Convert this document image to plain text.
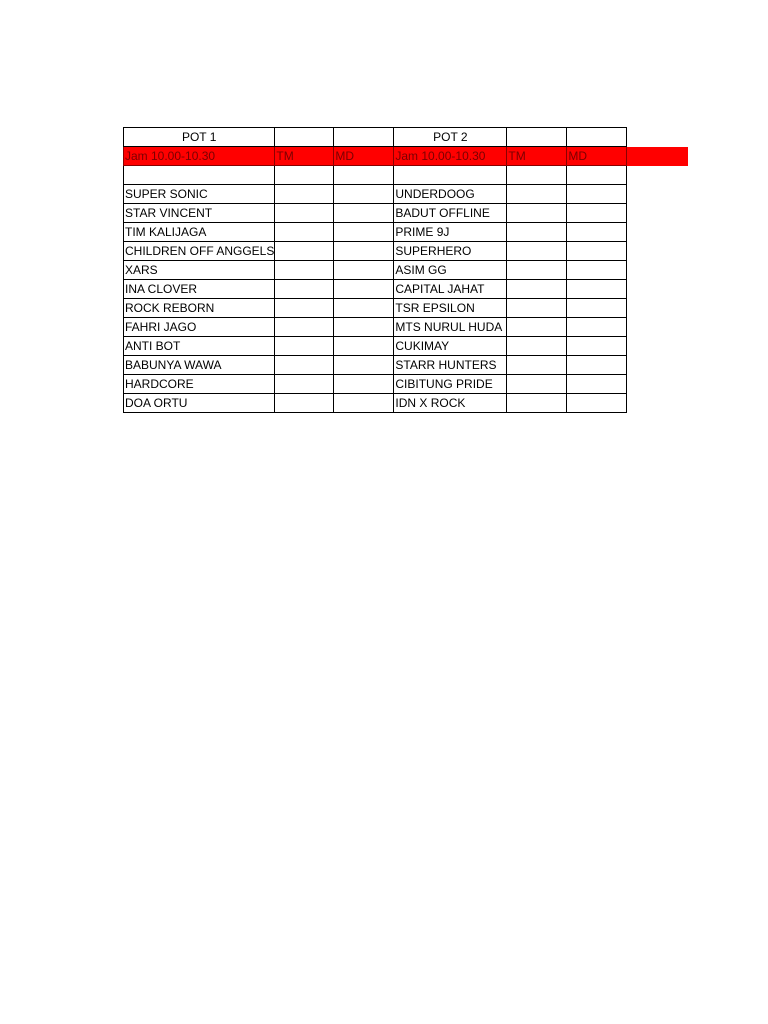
POT 1			POT 2		
Jam 10.00-10.30	TM	MD	Jam 10.00-10.30	TM	MD

SUPER SONIC			UNDERDOOG		
STAR VINCENT			BADUT OFFLINE		
TIM KALIJAGA			PRIME 9J		
CHILDREN OFF ANGGELS			SUPERHERO		
XARS			ASIM GG		
INA CLOVER			CAPITAL JAHAT		
ROCK REBORN			TSR EPSILON		
FAHRI JAGO			MTS NURUL HUDA		
ANTI BOT			CUKIMAY		
BABUNYA WAWA			STARR HUNTERS		
HARDCORE			CIBITUNG PRIDE		
DOA ORTU			IDN X ROCK		
